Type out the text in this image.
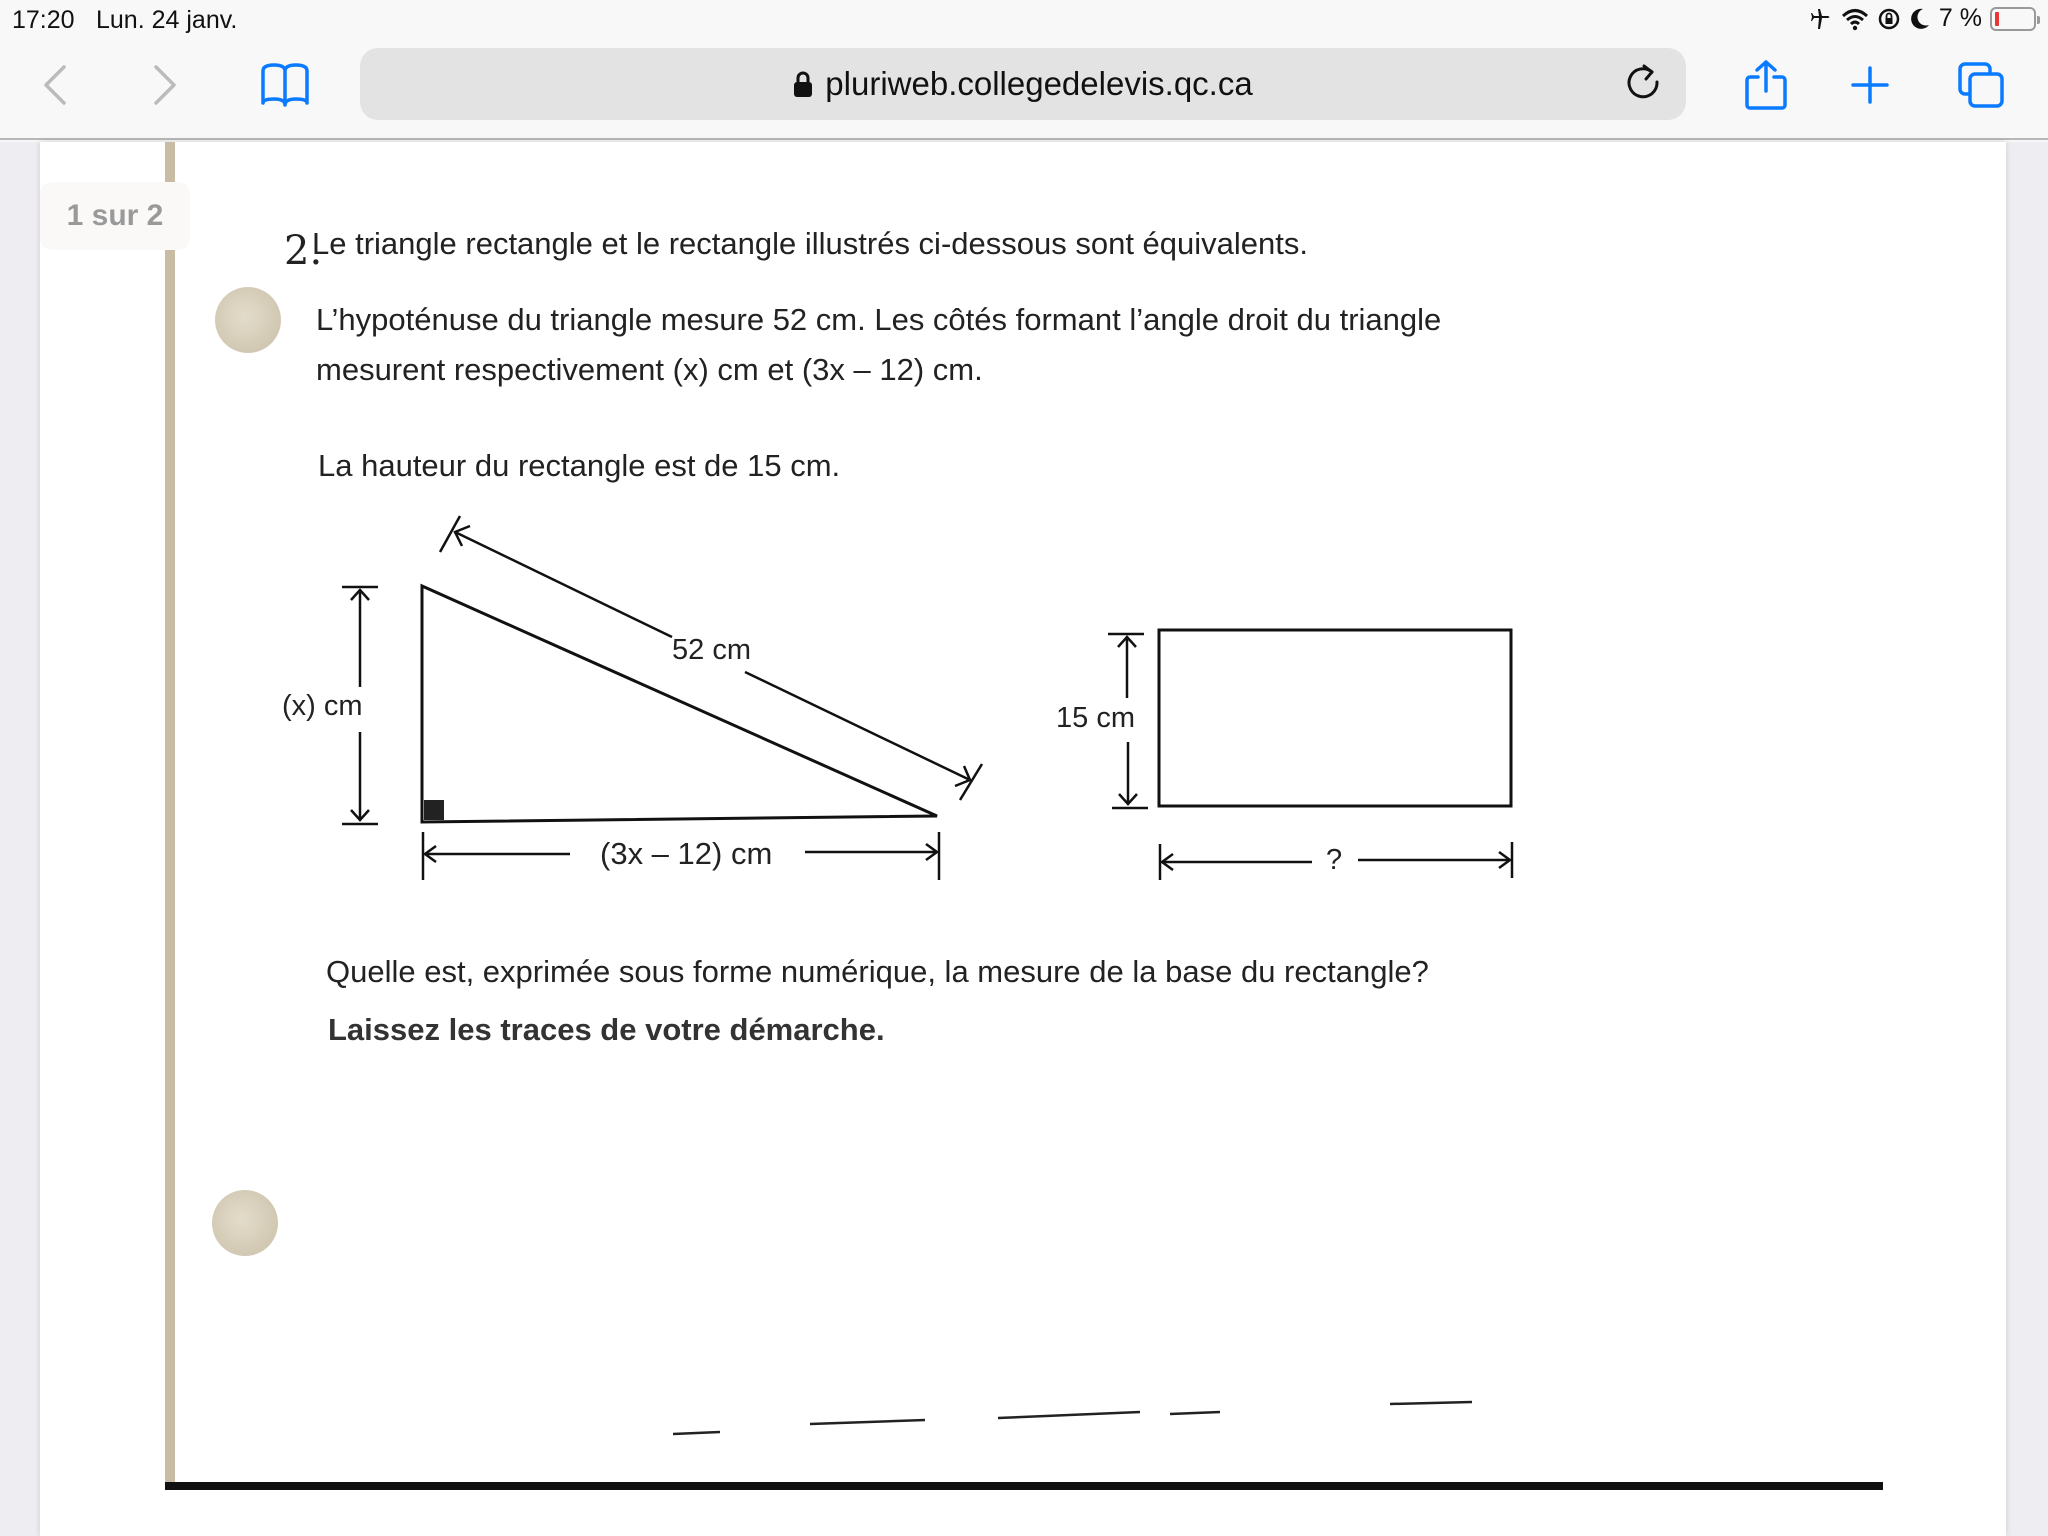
17:20 Lun. 24 janv.	7 %
pluriweb.collegedelevis.qc.ca
1 sur 2
2.
Le triangle rectangle et le rectangle illustrés ci-dessous sont équivalents.
L’hypoténuse du triangle mesure 52 cm. Les côtés formant l’angle droit du triangle
mesurent respectivement (x) cm et (3x – 12) cm.
La hauteur du rectangle est de 15 cm.
52 cm
(x) cm
(3x – 12) cm
15 cm
?
Quelle est, exprimée sous forme numérique, la mesure de la base du rectangle?
Laissez les traces de votre démarche.
